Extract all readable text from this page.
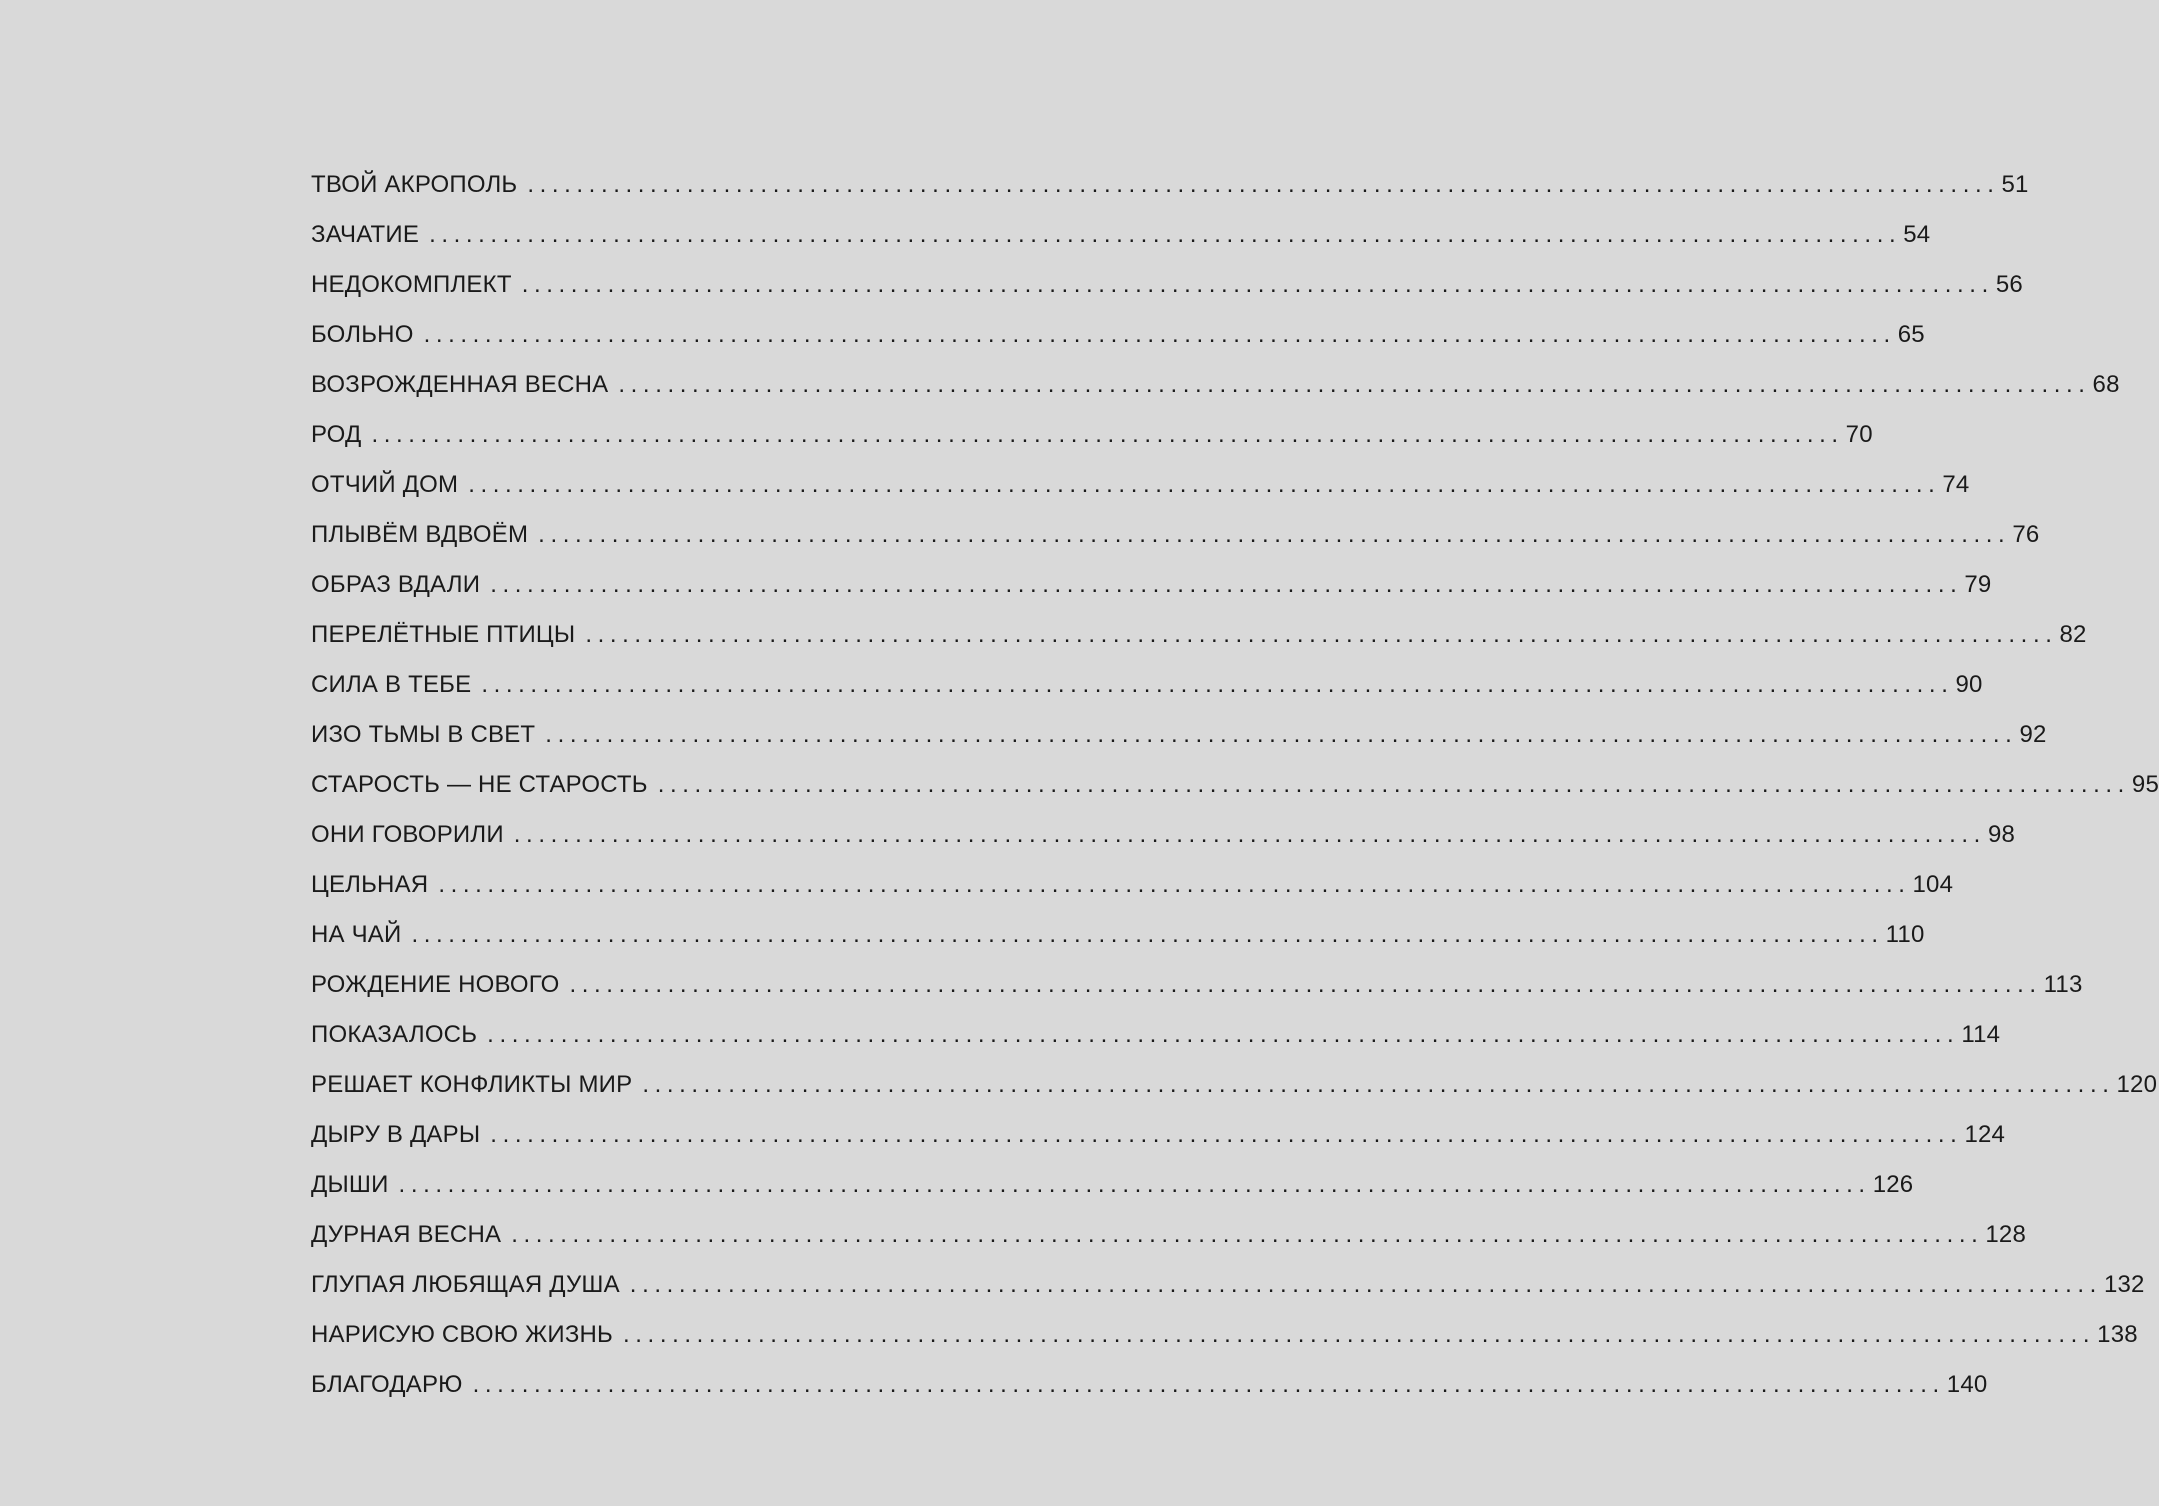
ТВОЙ АКРОПОЛЬ ........................................................................................................................ 51
ЗАЧАТИЕ ........................................................................................................................ 54
НЕДОКОМПЛЕКТ ........................................................................................................................ 56
БОЛЬНО ........................................................................................................................ 65
ВОЗРОЖДЕННАЯ ВЕСНА ........................................................................................................................ 68
РОД ........................................................................................................................ 70
ОТЧИЙ ДОМ ........................................................................................................................ 74
ПЛЫВЁМ ВДВОЁМ ........................................................................................................................ 76
ОБРАЗ ВДАЛИ ........................................................................................................................ 79
ПЕРЕЛЁТНЫЕ ПТИЦЫ ........................................................................................................................ 82
СИЛА В ТЕБЕ ........................................................................................................................ 90
ИЗО ТЬМЫ В СВЕТ ........................................................................................................................ 92
СТАРОСТЬ — НЕ СТАРОСТЬ ........................................................................................................................ 95
ОНИ ГОВОРИЛИ ........................................................................................................................ 98
ЦЕЛЬНАЯ ........................................................................................................................ 104
НА ЧАЙ ........................................................................................................................ 110
РОЖДЕНИЕ НОВОГО ........................................................................................................................ 113
ПОКАЗАЛОСЬ ........................................................................................................................ 114
РЕШАЕТ КОНФЛИКТЫ МИР ........................................................................................................................ 120
ДЫРУ В ДАРЫ ........................................................................................................................ 124
ДЫШИ ........................................................................................................................ 126
ДУРНАЯ ВЕСНА ........................................................................................................................ 128
ГЛУПАЯ ЛЮБЯЩАЯ ДУША ........................................................................................................................ 132
НАРИСУЮ СВОЮ ЖИЗНЬ ........................................................................................................................ 138
БЛАГОДАРЮ ........................................................................................................................ 140
